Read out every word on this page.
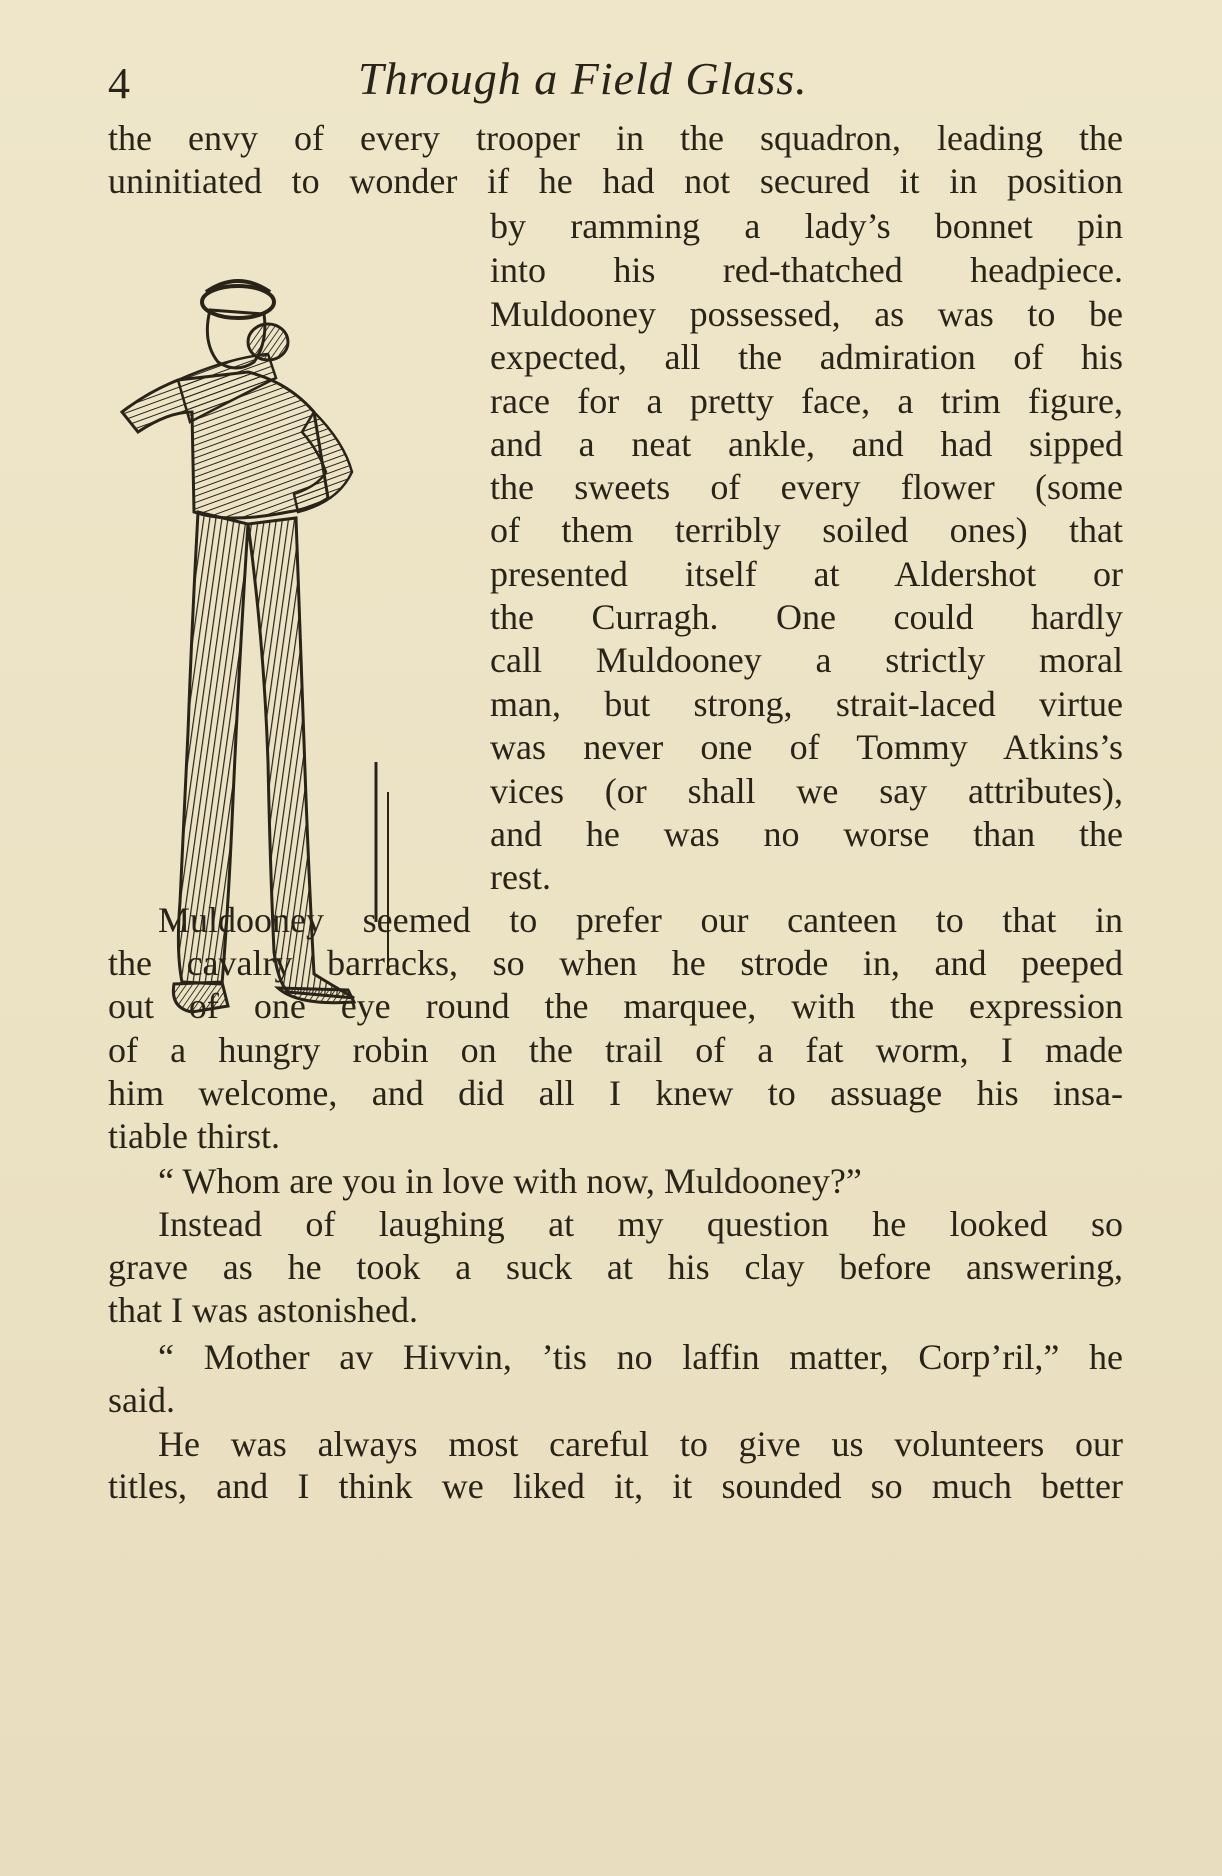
4	Through a Field Glass.
the envy of every trooper in the squadron, leading the
uninitiated to wonder if he had not secured it in position
by ramming a lady’s bonnet pin
into his red-thatched headpiece.
Muldooney possessed, as was to be
expected, all the admiration of his
race for a pretty face, a trim figure,
and a neat ankle, and had sipped
the sweets of every flower (some
of them terribly soiled ones) that
presented itself at Aldershot or
the Curragh. One could hardly
call Muldooney a strictly moral
man, but strong, strait-laced virtue
was never one of Tommy Atkins’s
vices (or shall we say attributes),
and he was no worse than the
rest.
Muldooney seemed to prefer our canteen to that in
the cavalry barracks, so when he strode in, and peeped
out of one eye round the marquee, with the expression
of a hungry robin on the trail of a fat worm, I made
him welcome, and did all I knew to assuage his insa-
tiable thirst.
“ Whom are you in love with now, Muldooney?”
Instead of laughing at my question he looked so
grave as he took a suck at his clay before answering,
that I was astonished.
“ Mother av Hivvin, ’tis no laffin matter, Corp’ril,” he
said.
He was always most careful to give us volunteers our
titles, and I think we liked it, it sounded so much better
